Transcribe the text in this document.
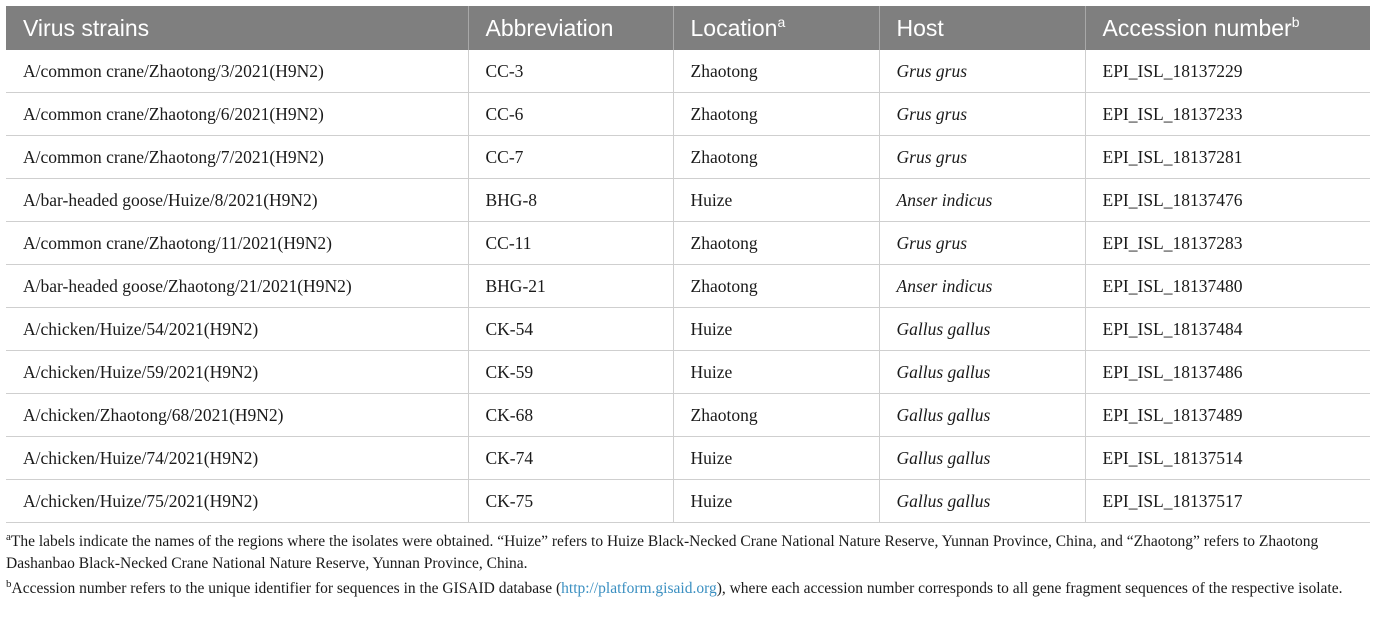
Virus strains	Abbreviation	Location$^a$	Host	Accession number$^b$
A/common crane/Zhaotong/3/2021(H9N2)	CC-3	Zhaotong	Grus grus	EPI_ISL_18137229
A/common crane/Zhaotong/6/2021(H9N2)	CC-6	Zhaotong	Grus grus	EPI_ISL_18137233
A/common crane/Zhaotong/7/2021(H9N2)	CC-7	Zhaotong	Grus grus	EPI_ISL_18137281
A/bar-headed goose/Huize/8/2021(H9N2)	BHG-8	Huize	Anser indicus	EPI_ISL_18137476
A/common crane/Zhaotong/11/2021(H9N2)	CC-11	Zhaotong	Grus grus	EPI_ISL_18137283
A/bar-headed goose/Zhaotong/21/2021(H9N2)	BHG-21	Zhaotong	Anser indicus	EPI_ISL_18137480
A/chicken/Huize/54/2021(H9N2)	CK-54	Huize	Gallus gallus	EPI_ISL_18137484
A/chicken/Huize/59/2021(H9N2)	CK-59	Huize	Gallus gallus	EPI_ISL_18137486
A/chicken/Zhaotong/68/2021(H9N2)	CK-68	Zhaotong	Gallus gallus	EPI_ISL_18137489
A/chicken/Huize/74/2021(H9N2)	CK-74	Huize	Gallus gallus	EPI_ISL_18137514
A/chicken/Huize/75/2021(H9N2)	CK-75	Huize	Gallus gallus	EPI_ISL_18137517
$^a$The labels indicate the names of the regions where the isolates were obtained. “Huize” refers to Huize Black-Necked Crane National Nature Reserve, Yunnan Province, China, and “Zhaotong” refers to Zhaotong Dashanbao Black-Necked Crane National Nature Reserve, Yunnan Province, China.
$^b$Accession number refers to the unique identifier for sequences in the GISAID database (http://platform.gisaid.org), where each accession number corresponds to all gene fragment sequences of the respective isolate.
